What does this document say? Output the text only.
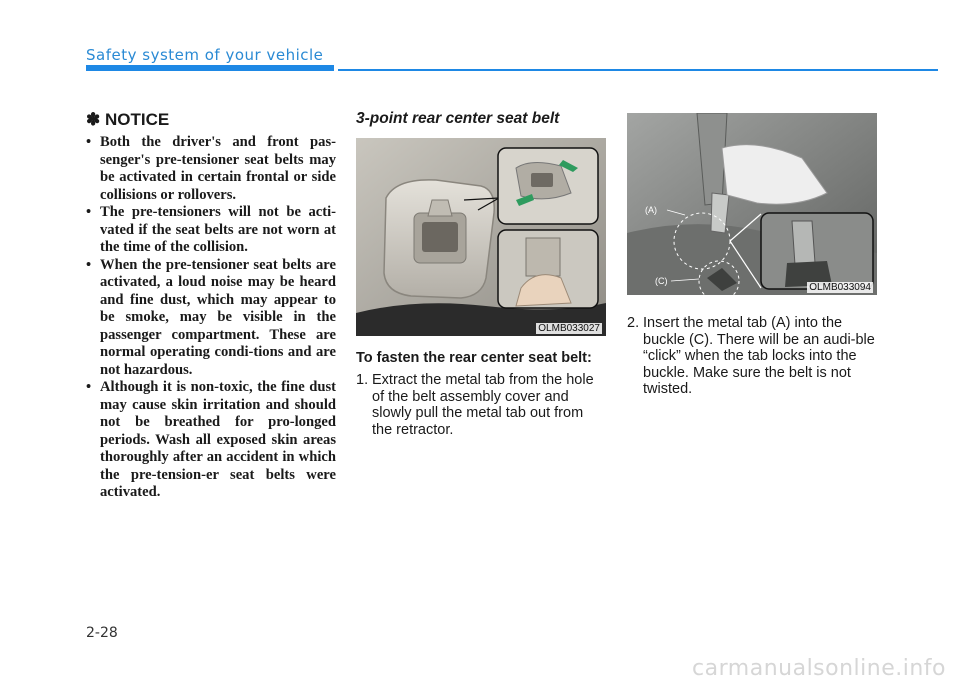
Safety system of your vehicle
✽ NOTICE
• Both the driver's and front pas-senger's pre-tensioner seat belts may be activated in certain frontal or side collisions or rollovers.
• The pre-tensioners will not be acti-vated if the seat belts are not worn at the time of the collision.
• When the pre-tensioner seat belts are activated, a loud noise may be heard and fine dust, which may appear to be smoke, may be visible in the passenger compartment. These are normal operating condi-tions and are not hazardous.
• Although it is non-toxic, the fine dust may cause skin irritation and should not be breathed for pro-longed periods. Wash all exposed skin areas thoroughly after an accident in which the pre-tension-er seat belts were activated.
3-point rear center seat belt
OLMB033027
To fasten the rear center seat belt:
1. Extract the metal tab from the hole of the belt assembly cover and slowly pull the metal tab out from the retractor.
(A)
(C)
OLMB033094
2. Insert the metal tab (A) into the buckle (C). There will be an audi-ble “click” when the tab locks into the buckle. Make sure the belt is not twisted.
2-28
carmanualsonline.info
